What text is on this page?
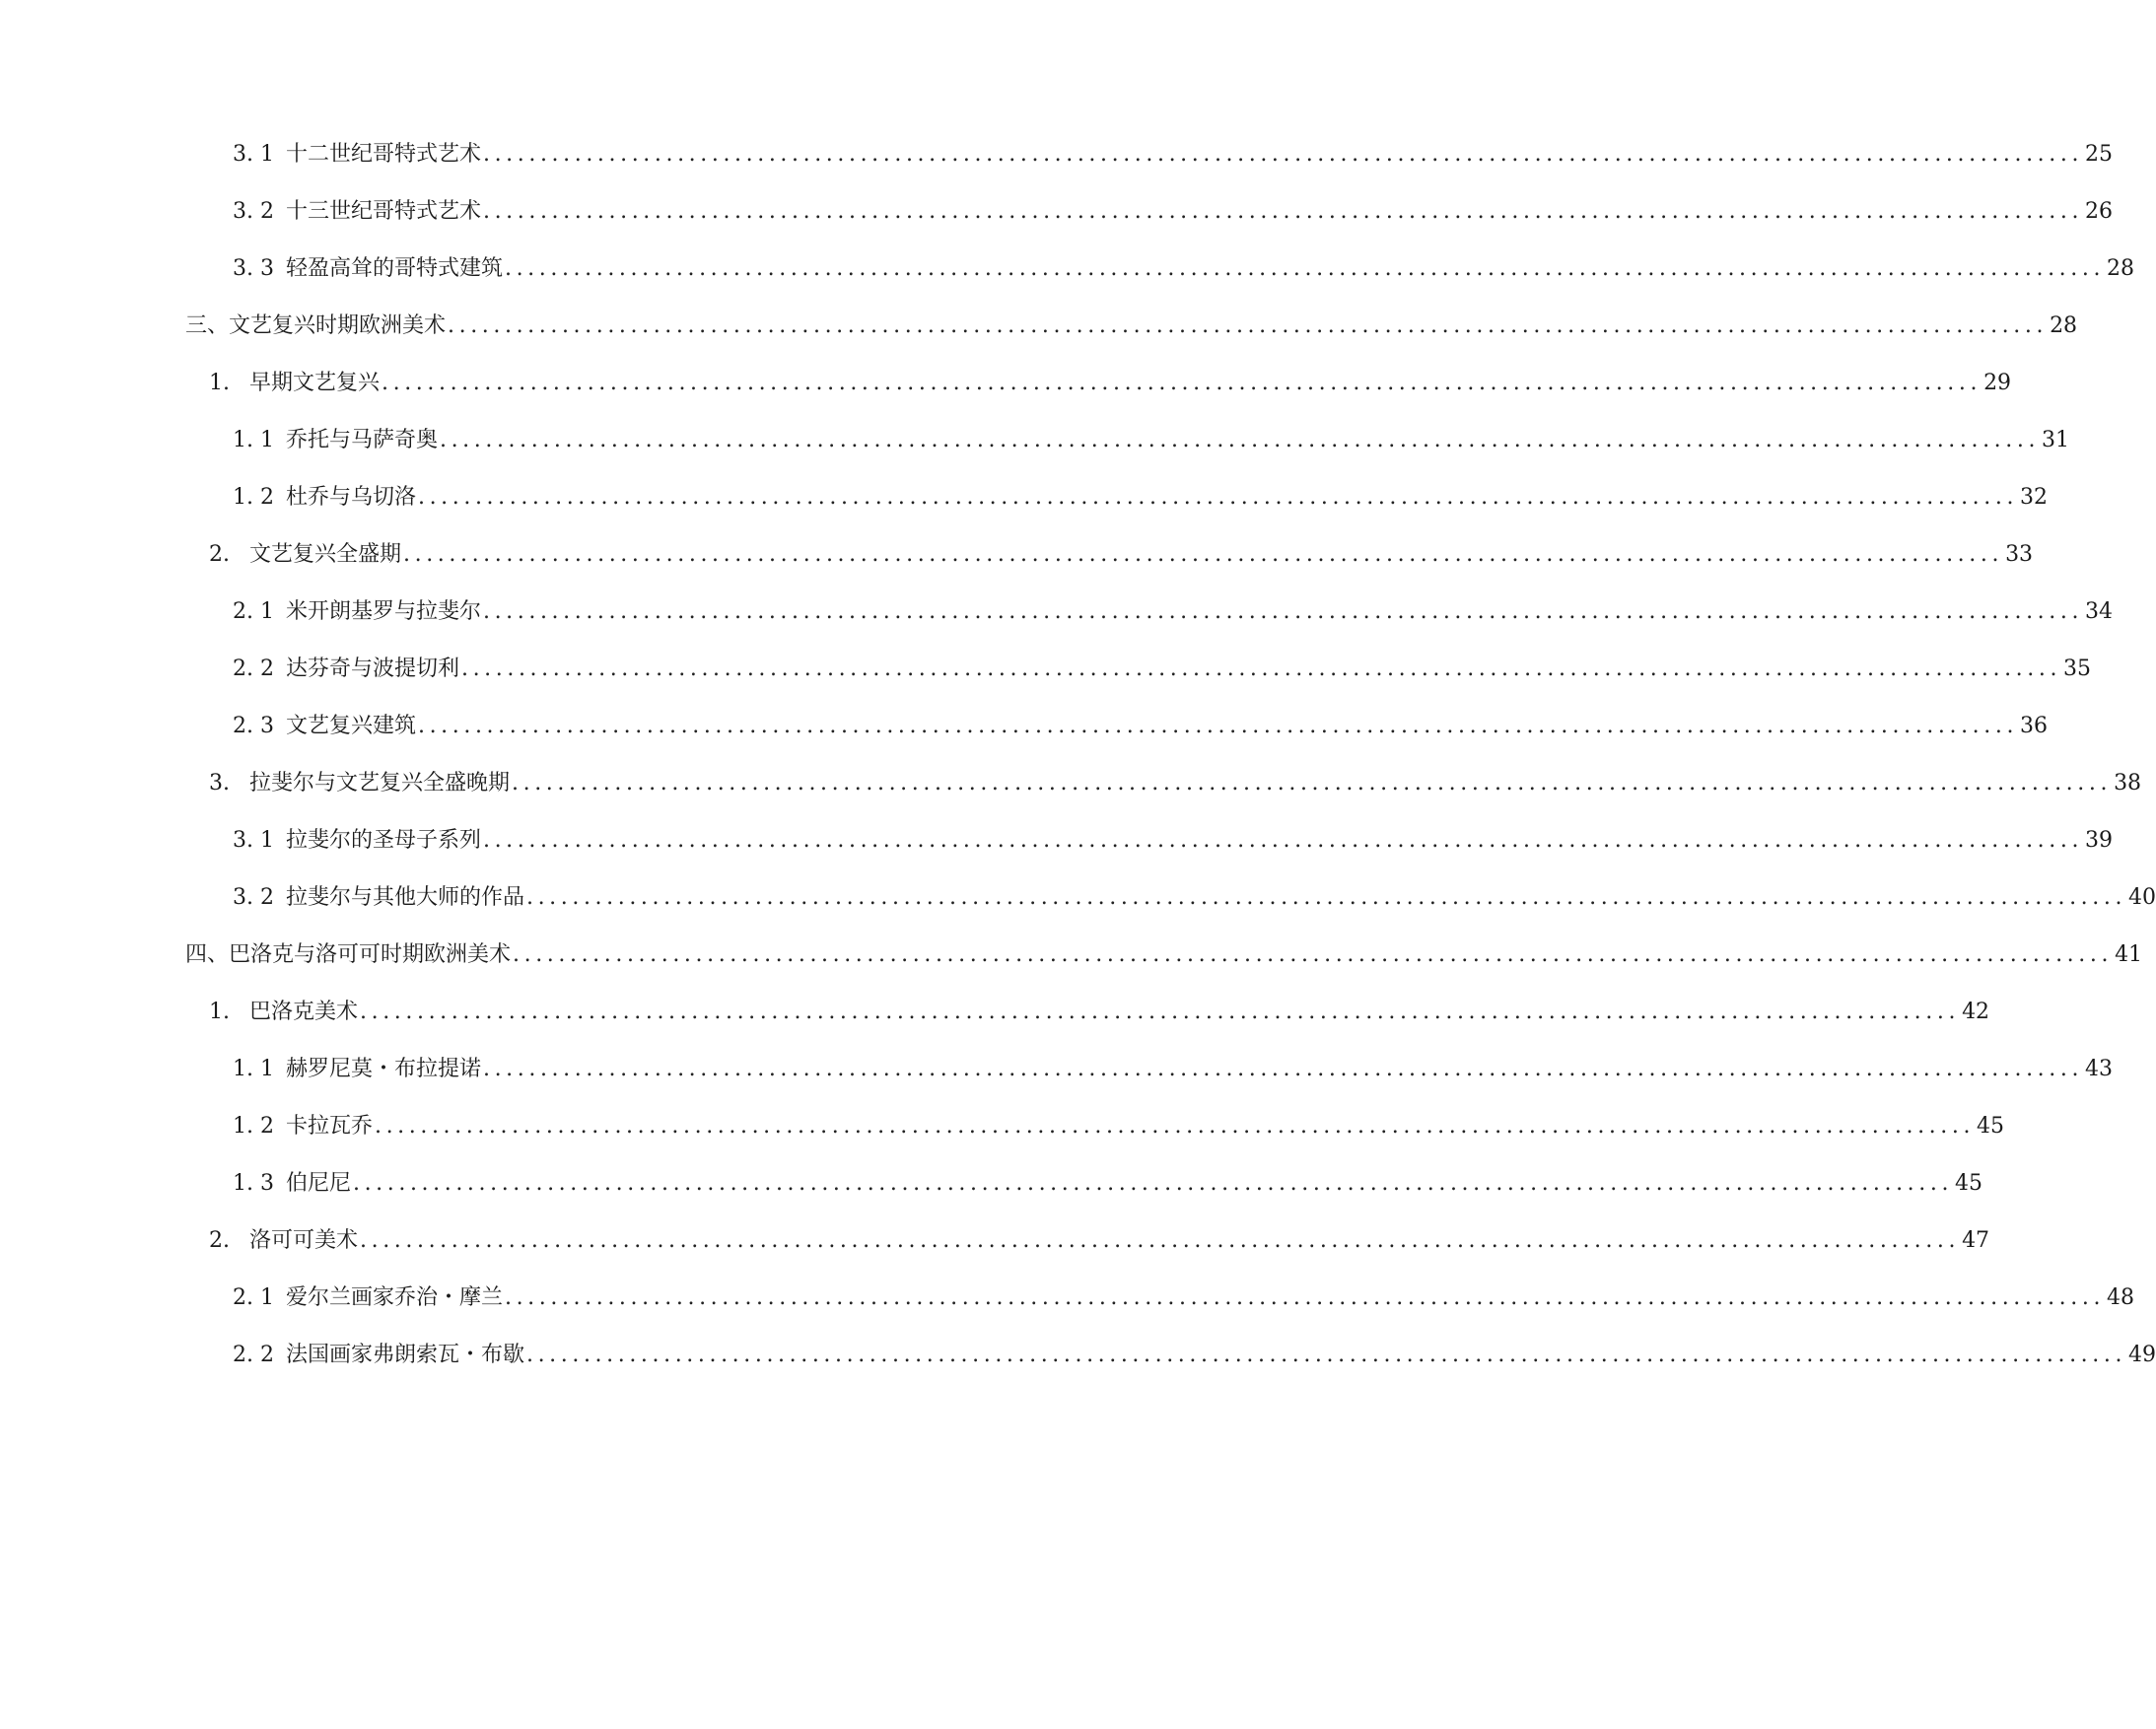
3. 1 十二世纪哥特式艺术 ............................................................................................................................................ 25
3. 2 十三世纪哥特式艺术 ............................................................................................................................................ 26
3. 3 轻盈高耸的哥特式建筑 ............................................................................................................................................ 28
三、文艺复兴时期欧洲美术 ............................................................................................................................................ 28
1. 早期文艺复兴 ............................................................................................................................................ 29
1. 1 乔托与马萨奇奥 ............................................................................................................................................ 31
1. 2 杜乔与乌切洛 ............................................................................................................................................ 32
2. 文艺复兴全盛期 ............................................................................................................................................ 33
2. 1 米开朗基罗与拉斐尔 ............................................................................................................................................ 34
2. 2 达芬奇与波提切利 ............................................................................................................................................ 35
2. 3 文艺复兴建筑 ............................................................................................................................................ 36
3. 拉斐尔与文艺复兴全盛晚期 ............................................................................................................................................ 38
3. 1 拉斐尔的圣母子系列 ............................................................................................................................................ 39
3. 2 拉斐尔与其他大师的作品 ............................................................................................................................................ 40
四、巴洛克与洛可可时期欧洲美术 ............................................................................................................................................ 41
1. 巴洛克美术 ............................................................................................................................................ 42
1. 1 赫罗尼莫・布拉提诺 ............................................................................................................................................ 43
1. 2 卡拉瓦乔 ............................................................................................................................................ 45
1. 3 伯尼尼 ............................................................................................................................................ 45
2. 洛可可美术 ............................................................................................................................................ 47
2. 1 爱尔兰画家乔治・摩兰 ............................................................................................................................................ 48
2. 2 法国画家弗朗索瓦・布歇 ............................................................................................................................................ 49
